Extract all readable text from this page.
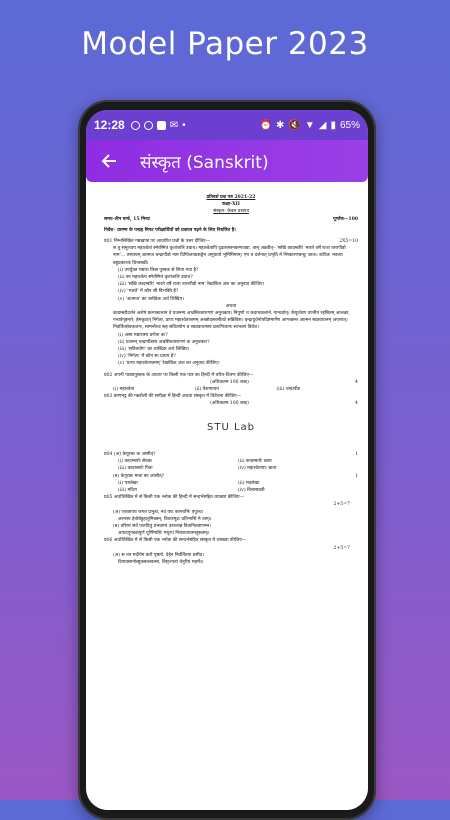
Model Paper 2023
12:28	✉ •	⏰ ✱ 🔇 ▼ ◢ ▮ 65%
संस्कृत (Sanskrit)
प्रतिदर्श प्रश्न पत्र 2021-22
कक्षा-XII
संस्कृत- केवल प्रश्नपत्र
समय–तीन घण्टे, 15 मिनट	पूर्णांक—100
निर्देश– प्रारम्भ के पन्द्रह मिनट परीक्षार्थियों को प्रश्नपत्र पढ़ने के लिए निर्धारित है।
प्र01 निम्नलिखित गद्यखण्ड पर आधारित प्रश्नों के उत्तर दीजिए—	2X5=10
स तु समुत्थाय महाश्वेतां स्मेरस्मित्रं कृतांजलि उवाच। महाश्वेतापि दृढतरस्तनकम्पजडा, ताम् अब्रवीत्– 'सखि कादम्बरि! भारते वर्षे राजा तारापीडो नाम'... तस्यायम् आत्मज चन्द्रापीडो नाम दिग्विजयप्रसङ्गेन अनुयातो भूमिमिमाम्। एष च दर्शनात् प्रभृति मे निष्कारणबन्धुः जातः। कथितः भवत्या बहुप्रकारकं प्रियसखी।
(i) उपर्युक्त गद्यांश किस पुस्तक से लिया गया है?
(ii) का महाश्वेता स्मेरस्मितं कृतांजलि उवाच?
(iii) 'सखि कादम्बरि! भारते वर्षे राजा तारापीडो नाम' रेखांकित अंश का अनुवाद कीजिए।
(iv) 'भारते' में कौन सी विभक्ति है?
(v) 'आत्मज' का शाब्दिक अर्थ लिखिए।
अथवा
कादम्बरीदर्शनं अशेषं कल्पकालानं ते प्रजनन्य अभ्रसिततारागणं अनुचकार। निपुणो च कदाचकलाने, गान्धर्वात्। केयूरकेण उपनीतं रहसितम् आलक्ष्य, गन्धर्वगृहमारे; हेमकूटात् निर्गत्य, प्राप्य महाश्वेताश्रमम् अच्छोदसरसीतटे सन्निविष्टः। इन्द्रायुधेनोपदिष्टमार्गेण आगच्छन्त आत्मन स्वप्नवाचनम् अपश्यत्। निवर्तितसेवकजनः, सामन्तैश्च सह सवितयोग च स्वप्नवाचनस्य प्रत्यभिजानः स्वभवनं विवेश।
(i) अस्य गद्यांशस्य प्रणेता कः?
(ii) प्रजनन् चन्द्रापीडस्य अभ्रसिततारागणं क अनुचकार?
(iii) 'सवितयोग' का शाब्दिक अर्थ लिखिए।
(iv) 'निर्गत्य' में कौन सा प्रत्यय है?
(v) 'प्राप्य महाश्वेताश्रमम्' रेखांकित अंश का अनुवाद कीजिए।
प्र02 अपनी पाठ्यपुस्तक के आधार पर किसी एक पात्र का हिन्दी में चरित्र-चित्रण कीजिए—
(अधिकतम 100 शब्द)	4
(i) महाश्वेता	(ii) वैशम्पायन	(iii) चन्द्रापीड
प्र03 बाणभट्ट की गद्यशैली की समीक्षा में हिन्दी अथवा संस्कृत में विवेचना कीजिए—
(अधिकतम 100 शब्द)	4
STU Lab
प्र04 (अ) केयूरकः क आसीत्?	1
(i) कादम्बर्याः सेवकः	(ii) कादम्बर्याः भ्राता
(iii) कादम्बर्याः पिता	(iv) महाश्वेतायाः भ्राता
(ब) केयूरकः माता का आसीत्?	1
(i) पत्रलेखा	(ii) मदलेखा
(iii) मदिरा	(iv) विलासवती
प्र05 अधोलिखित में से किसी एक श्लोक की हिन्दी में सन्दर्भसहित व्याख्या कीजिए—
2+5=7
(अ) एकतापय जगत प्रभुत्वं, नवं वयः कान्ताभिः वपुश्च।
अल्पस्य हेतोर्बहुहातुमिच्छन्, विचारमूढः प्रतिभासि मे त्वम्॥
(ब) तरिष्यं सर्वं पातयितुं प्रभवाम्यं उत्पश्यन्नं वितानितवाणम्भ।
अपादपुण्डवत्पूर्ण पूर्णिमाशिः मधुरपं निराशतयत्रमतुस्त्वम्॥
प्र06 अधोलिखित में से किसी एक श्लोक की सन्दर्भसंहित संस्कृत में व्याख्या कीजिए—
2+5=7
(अ) स तत्र मदीयेन करौ पृष्ठतो, देहेन निर्वर्तितया प्रसीद।
दिनावसानोत्सुकबालवत्सा, विसृज्यतां धेनुरियं महर्षेः॥
